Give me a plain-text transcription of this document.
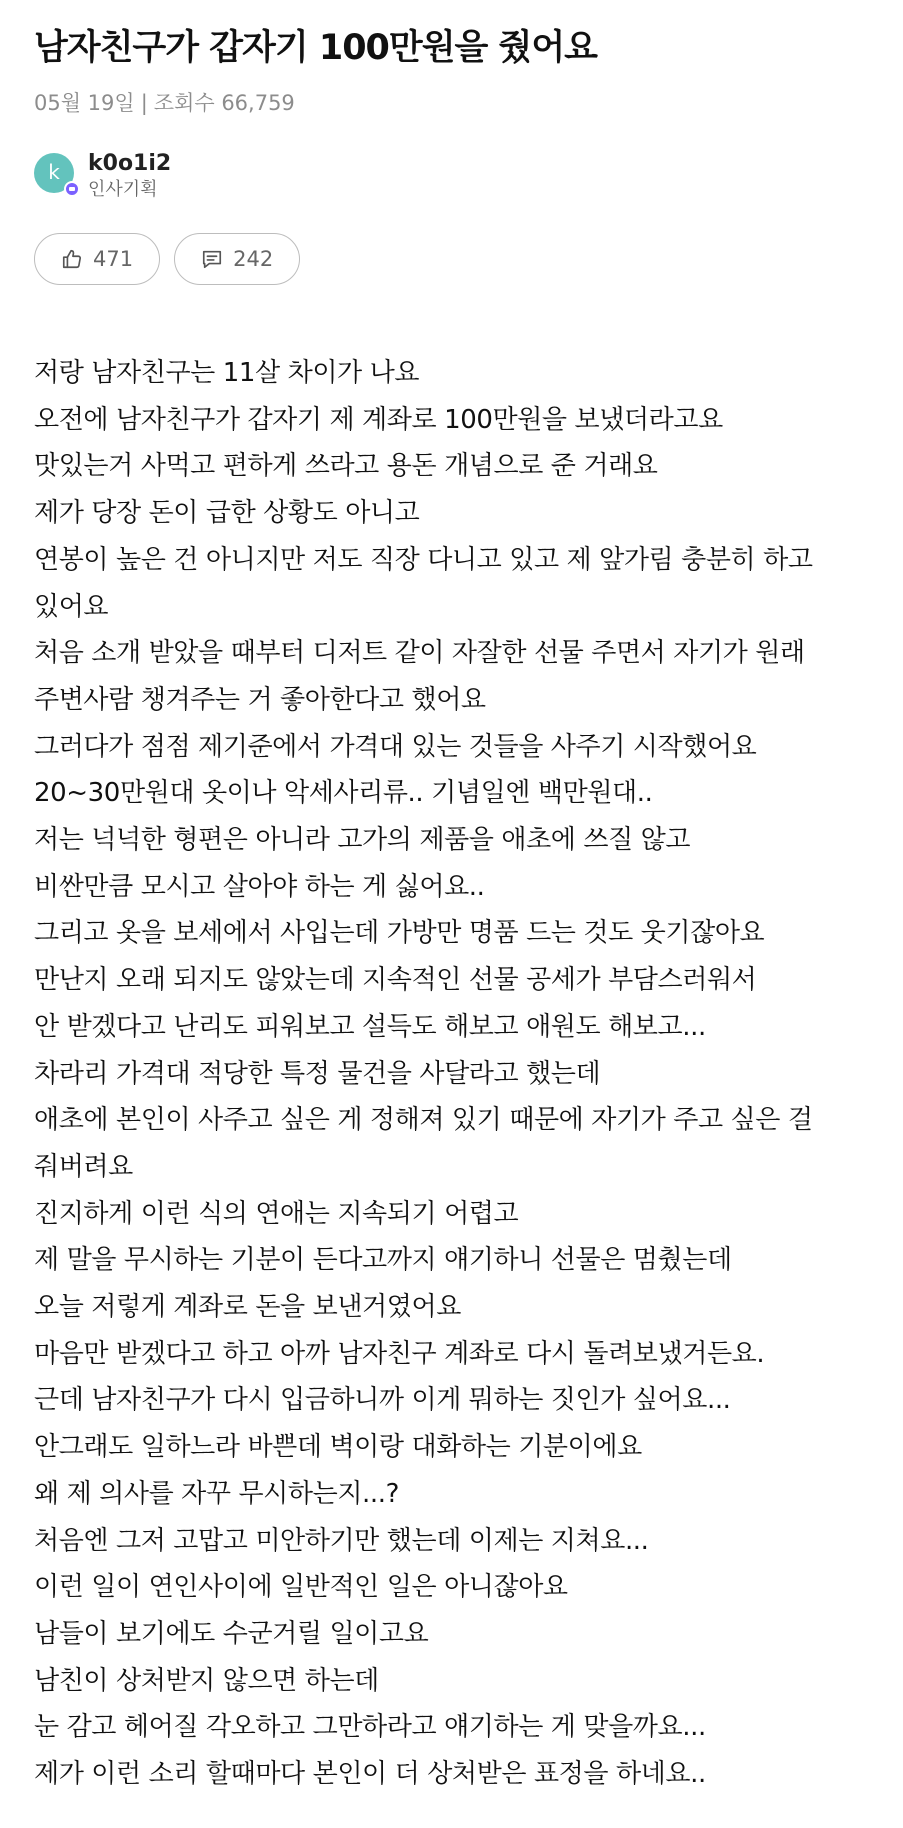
남자친구가 갑자기 100만원을 줬어요
05월 19일 | 조회수 66,759
k	k0o1i2
인사기획
471	242

저랑 남자친구는 11살 차이가 나요

오전에 남자친구가 갑자기 제 계좌로 100만원을 보냈더라고요

맛있는거 사먹고 편하게 쓰라고 용돈 개념으로 준 거래요

제가 당장 돈이 급한 상황도 아니고

연봉이 높은 건 아니지만 저도 직장 다니고 있고 제 앞가림 충분히 하고

있어요

처음 소개 받았을 때부터 디저트 같이 자잘한 선물 주면서 자기가 원래

주변사람 챙겨주는 거 좋아한다고 했어요

그러다가 점점 제기준에서 가격대 있는 것들을 사주기 시작했어요

20~30만원대 옷이나 악세사리류.. 기념일엔 백만원대..

저는 넉넉한 형편은 아니라 고가의 제품을 애초에 쓰질 않고

비싼만큼 모시고 살아야 하는 게 싫어요..

그리고 옷을 보세에서 사입는데 가방만 명품 드는 것도 웃기잖아요

만난지 오래 되지도 않았는데 지속적인 선물 공세가 부담스러워서

안 받겠다고 난리도 피워보고 설득도 해보고 애원도 해보고...

차라리 가격대 적당한 특정 물건을 사달라고 했는데

애초에 본인이 사주고 싶은 게 정해져 있기 때문에 자기가 주고 싶은 걸

줘버려요

진지하게 이런 식의 연애는 지속되기 어렵고

제 말을 무시하는 기분이 든다고까지 얘기하니 선물은 멈췄는데

오늘 저렇게 계좌로 돈을 보낸거였어요

마음만 받겠다고 하고 아까 남자친구 계좌로 다시 돌려보냈거든요.

근데 남자친구가 다시 입금하니까 이게 뭐하는 짓인가 싶어요...

안그래도 일하느라 바쁜데 벽이랑 대화하는 기분이에요

왜 제 의사를 자꾸 무시하는지...?

처음엔 그저 고맙고 미안하기만 했는데 이제는 지쳐요...

이런 일이 연인사이에 일반적인 일은 아니잖아요

남들이 보기에도 수군거릴 일이고요

남친이 상처받지 않으면 하는데

눈 감고 헤어질 각오하고 그만하라고 얘기하는 게 맞을까요...

제가 이런 소리 할때마다 본인이 더 상처받은 표정을 하네요..
